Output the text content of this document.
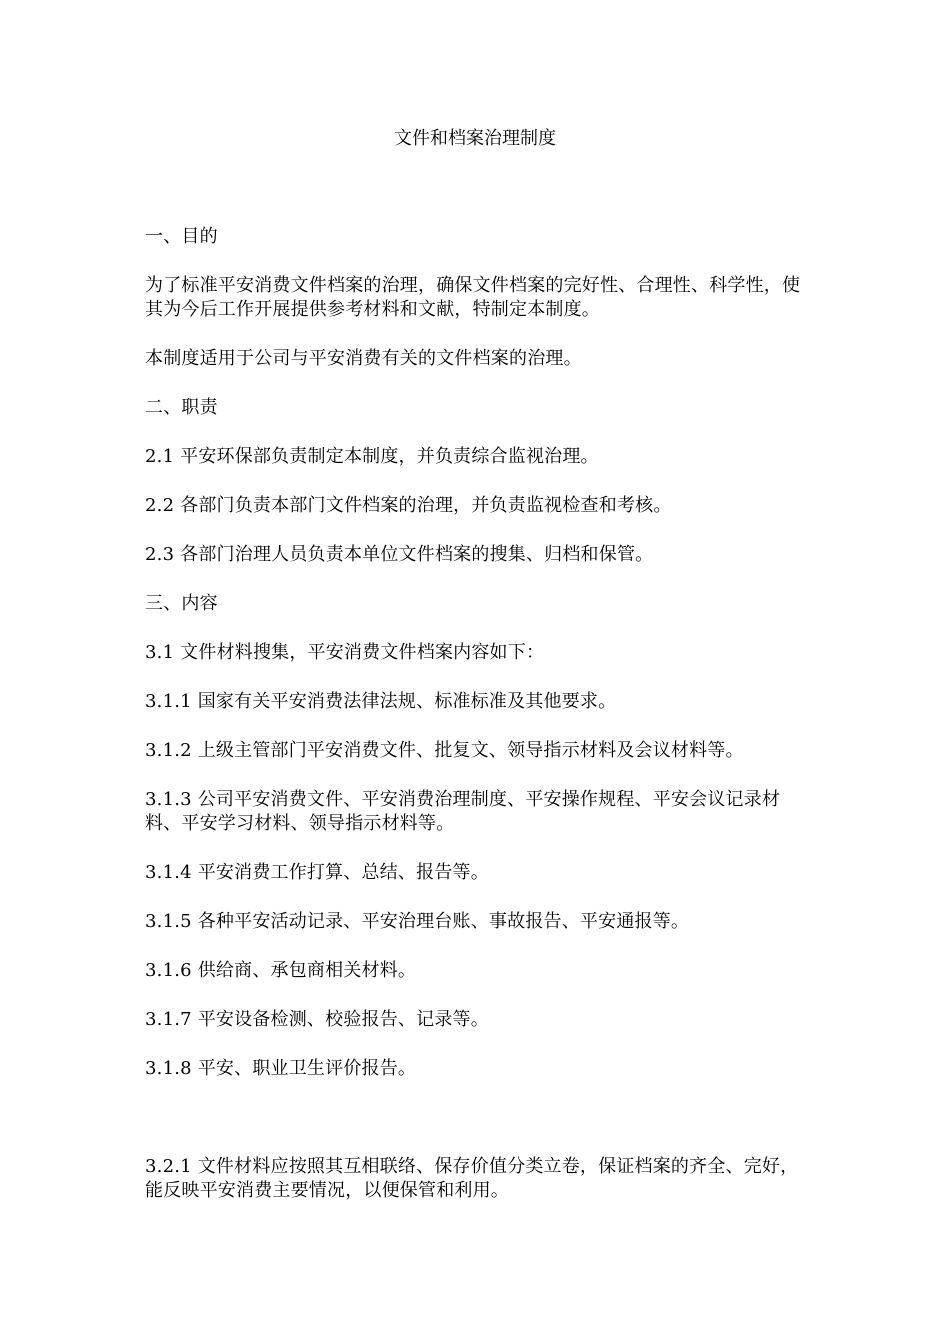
文件和档案治理制度

一、目的

为了标准平安消费文件档案的治理，确保文件档案的完好性、合理性、科学性，使其为今后工作开展提供参考材料和文献，特制定本制度。

本制度适用于公司与平安消费有关的文件档案的治理。

二、职责

2.1 平安环保部负责制定本制度，并负责综合监视治理。

2.2 各部门负责本部门文件档案的治理，并负责监视检查和考核。

2.3 各部门治理人员负责本单位文件档案的搜集、归档和保管。

三、内容

3.1 文件材料搜集，平安消费文件档案内容如下：

3.1.1 国家有关平安消费法律法规、标准标准及其他要求。

3.1.2 上级主管部门平安消费文件、批复文、领导指示材料及会议材料等。

3.1.3 公司平安消费文件、平安消费治理制度、平安操作规程、平安会议记录材料、平安学习材料、领导指示材料等。

3.1.4 平安消费工作打算、总结、报告等。

3.1.5 各种平安活动记录、平安治理台账、事故报告、平安通报等。

3.1.6 供给商、承包商相关材料。

3.1.7 平安设备检测、校验报告、记录等。

3.1.8 平安、职业卫生评价报告。

3.2.1 文件材料应按照其互相联络、保存价值分类立卷，保证档案的齐全、完好，能反映平安消费主要情况，以便保管和利用。
